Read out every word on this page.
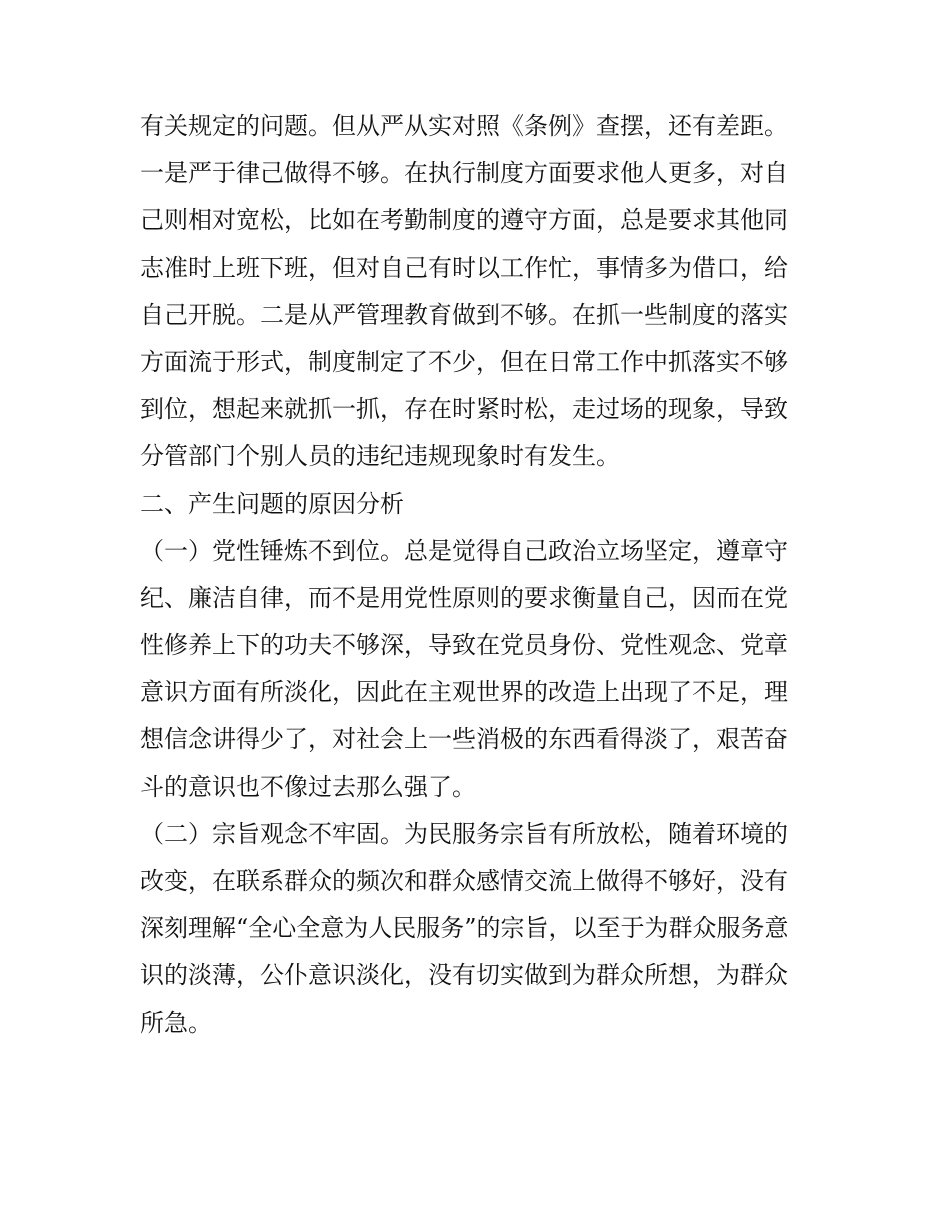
有关规定的问题。但从严从实对照《条例》查摆，还有差距。
一是严于律己做得不够。在执行制度方面要求他人更多，对自
己则相对宽松，比如在考勤制度的遵守方面，总是要求其他同
志准时上班下班，但对自己有时以工作忙，事情多为借口，给
自己开脱。二是从严管理教育做到不够。在抓一些制度的落实
方面流于形式，制度制定了不少，但在日常工作中抓落实不够
到位，想起来就抓一抓，存在时紧时松，走过场的现象，导致
分管部门个别人员的违纪违规现象时有发生。
二、产生问题的原因分析
（一）党性锤炼不到位。总是觉得自己政治立场坚定，遵章守
纪、廉洁自律，而不是用党性原则的要求衡量自己，因而在党
性修养上下的功夫不够深，导致在党员身份、党性观念、党章
意识方面有所淡化，因此在主观世界的改造上出现了不足，理
想信念讲得少了，对社会上一些消极的东西看得淡了，艰苦奋
斗的意识也不像过去那么强了。
（二）宗旨观念不牢固。为民服务宗旨有所放松，随着环境的
改变，在联系群众的频次和群众感情交流上做得不够好，没有
深刻理解“全心全意为人民服务”的宗旨，以至于为群众服务意
识的淡薄，公仆意识淡化，没有切实做到为群众所想，为群众
所急。
